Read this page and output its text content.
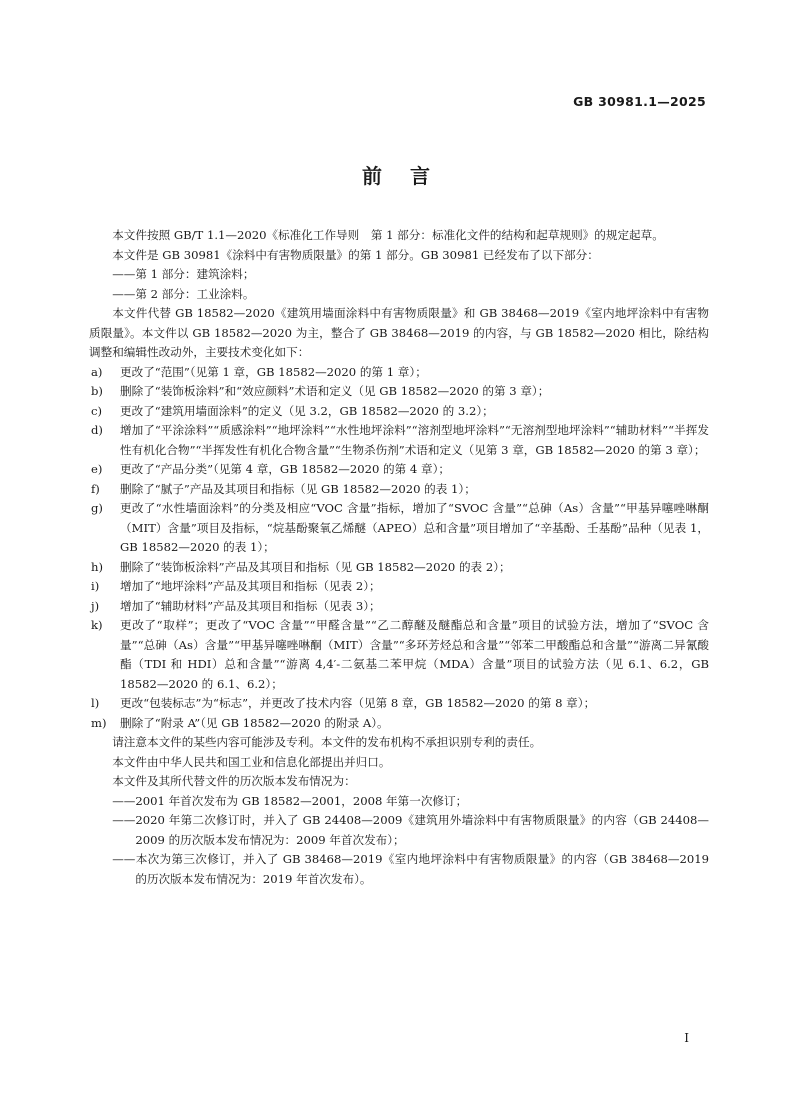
GB 30981.1—2025
前言

本文件按照 GB/T 1.1—2020《标准化工作导则　第 1 部分：标准化文件的结构和起草规则》的规定起草。

本文件是 GB 30981《涂料中有害物质限量》的第 1 部分。GB 30981 已经发布了以下部分：

——第 1 部分：建筑涂料；

——第 2 部分：工业涂料。

本文件代替 GB 18582—2020《建筑用墙面涂料中有害物质限量》和 GB 38468—2019《室内地坪涂料中有害物质限量》。本文件以 GB 18582—2020 为主，整合了 GB 38468—2019 的内容，与 GB 18582—2020 相比，除结构调整和编辑性改动外，主要技术变化如下：

a)	更改了“范围”（见第 1 章，GB 18582—2020 的第 1 章）；
b)	删除了“装饰板涂料”和“效应颜料”术语和定义（见 GB 18582—2020 的第 3 章）；
c)	更改了“建筑用墙面涂料”的定义（见 3.2，GB 18582—2020 的 3.2）；
d)	增加了“平涂涂料”“质感涂料”“地坪涂料”“水性地坪涂料”“溶剂型地坪涂料”“无溶剂型地坪涂料”“辅助材料”“半挥发性有机化合物”“半挥发性有机化合物含量”“生物杀伤剂”术语和定义（见第 3 章，GB 18582—2020 的第 3 章）；
e)	更改了“产品分类”（见第 4 章，GB 18582—2020 的第 4 章）；
f)	删除了“腻子”产品及其项目和指标（见 GB 18582—2020 的表 1）；
g)	更改了“水性墙面涂料”的分类及相应“VOC 含量”指标，增加了“SVOC 含量”“总砷（As）含量”“甲基异噻唑啉酮（MIT）含量”项目及指标，“烷基酚聚氧乙烯醚（APEO）总和含量”项目增加了“辛基酚、壬基酚”品种（见表 1，GB 18582—2020 的表 1）；
h)	删除了“装饰板涂料”产品及其项目和指标（见 GB 18582—2020 的表 2）；
i)	增加了“地坪涂料”产品及其项目和指标（见表 2）；
j)	增加了“辅助材料”产品及其项目和指标（见表 3）；
k)	更改了“取样”；更改了“VOC 含量”“甲醛含量”“乙二醇醚及醚酯总和含量”项目的试验方法，增加了“SVOC 含量”“总砷（As）含量”“甲基异噻唑啉酮（MIT）含量”“多环芳烃总和含量”“邻苯二甲酸酯总和含量”“游离二异氰酸酯（TDI 和 HDI）总和含量”“游离 4,4′-二氨基二苯甲烷（MDA）含量”项目的试验方法（见 6.1、6.2，GB 18582—2020 的 6.1、6.2）；
l)	更改“包装标志”为“标志”，并更改了技术内容（见第 8 章，GB 18582—2020 的第 8 章）；
m)	删除了“附录 A”（见 GB 18582—2020 的附录 A）。

请注意本文件的某些内容可能涉及专利。本文件的发布机构不承担识别专利的责任。

本文件由中华人民共和国工业和信息化部提出并归口。

本文件及其所代替文件的历次版本发布情况为：

——2001 年首次发布为 GB 18582—2001，2008 年第一次修订；

——2020 年第二次修订时，并入了 GB 24408—2009《建筑用外墙涂料中有害物质限量》的内容（GB 24408—2009 的历次版本发布情况为：2009 年首次发布）；

——本次为第三次修订，并入了 GB 38468—2019《室内地坪涂料中有害物质限量》的内容（GB 38468—2019 的历次版本发布情况为：2019 年首次发布）。

I
